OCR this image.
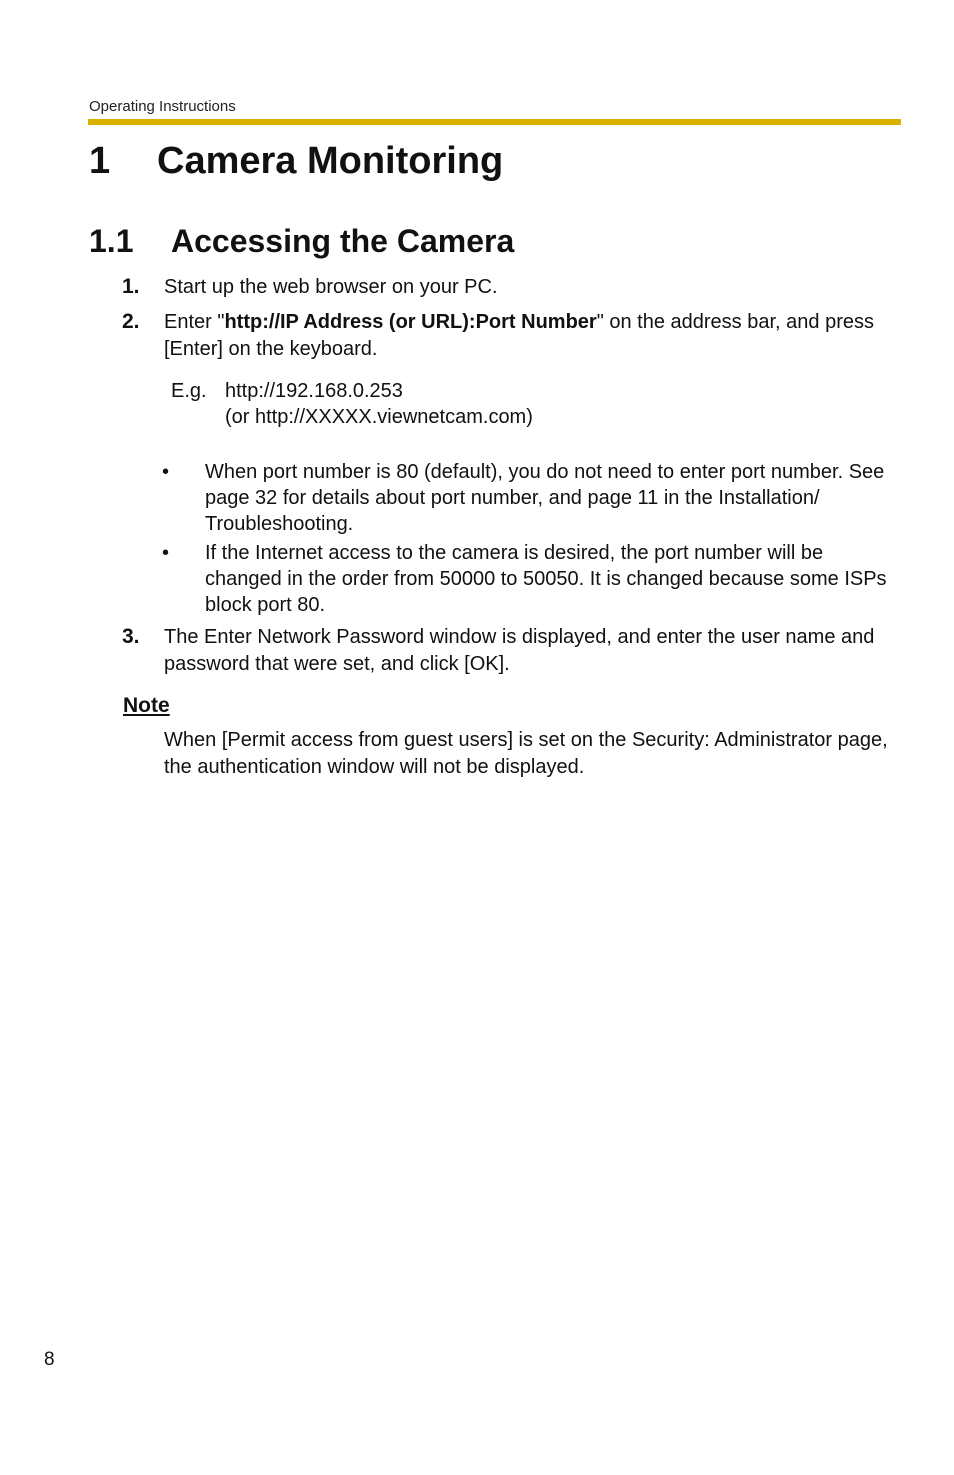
Operating Instructions
1 Camera Monitoring
1.1 Accessing the Camera
1. Start up the web browser on your PC.

2. Enter "http://IP Address (or URL):Port Number" on the address bar, and press [Enter] on the keyboard.

E.g. http://192.168.0.253
(or http://XXXXX.viewnetcam.com)
• When port number is 80 (default), you do not need to enter port number. See page 32 for details about port number, and page 11 in the Installation/ Troubleshooting.

• If the Internet access to the camera is desired, the port number will be changed in the order from 50000 to 50050. It is changed because some ISPs block port 80.

3. The Enter Network Password window is displayed, and enter the user name and password that were set, and click [OK].

Note

When [Permit access from guest users] is set on the Security: Administrator page, the authentication window will not be displayed.

8
